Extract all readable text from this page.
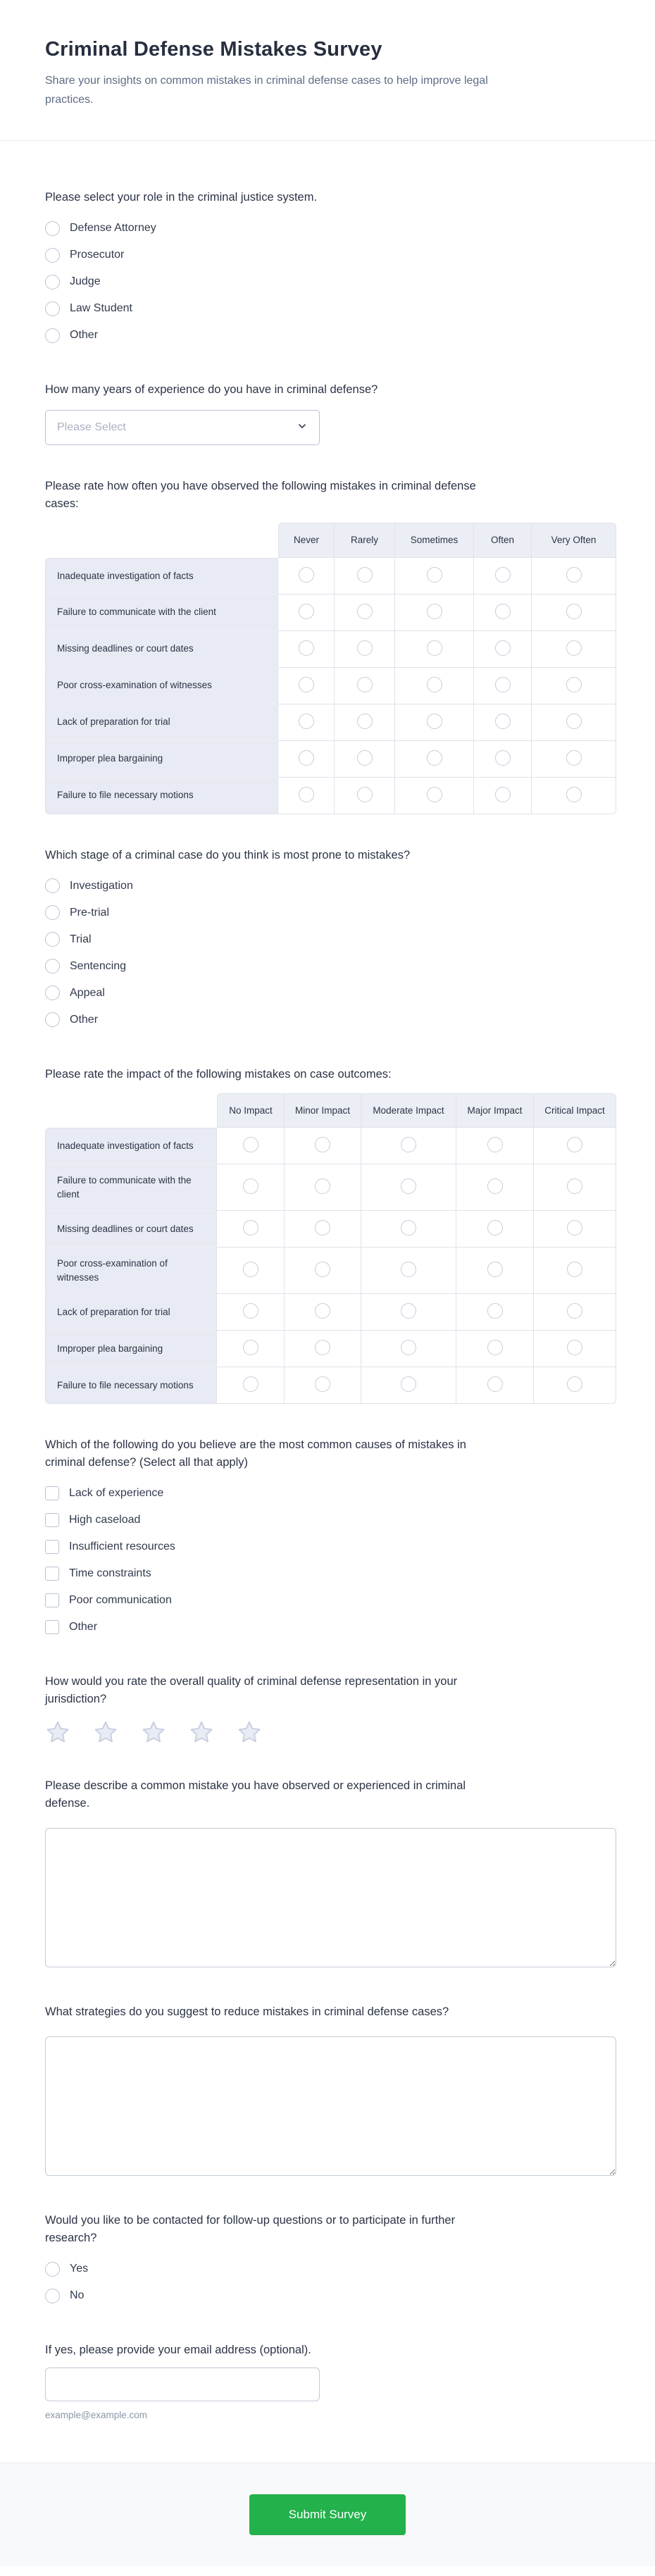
Criminal Defense Mistakes Survey
Share your insights on common mistakes in criminal defense cases to help improve legal practices.
Please select your role in the criminal justice system.
Defense Attorney
Prosecutor
Judge
Law Student
Other
How many years of experience do you have in criminal defense?
Please Select
Please rate how often you have observed the following mistakes in criminal defense cases:
	Never	Rarely	Sometimes	Often	Very Often
Inadequate investigation of facts					
Failure to communicate with the client					
Missing deadlines or court dates					
Poor cross-examination of witnesses					
Lack of preparation for trial					
Improper plea bargaining					
Failure to file necessary motions					
Which stage of a criminal case do you think is most prone to mistakes?
Investigation
Pre-trial
Trial
Sentencing
Appeal
Other
Please rate the impact of the following mistakes on case outcomes:
	No Impact	Minor Impact	Moderate Impact	Major Impact	Critical Impact
Inadequate investigation of facts					
Failure to communicate with the client					
Missing deadlines or court dates					
Poor cross-examination of witnesses					
Lack of preparation for trial					
Improper plea bargaining					
Failure to file necessary motions					
Which of the following do you believe are the most common causes of mistakes in criminal defense? (Select all that apply)
Lack of experience
High caseload
Insufficient resources
Time constraints
Poor communication
Other
How would you rate the overall quality of criminal defense representation in your jurisdiction?
Please describe a common mistake you have observed or experienced in criminal defense.
What strategies do you suggest to reduce mistakes in criminal defense cases?
Would you like to be contacted for follow-up questions or to participate in further research?
Yes
No
If yes, please provide your email address (optional).
example@example.com
Submit Survey
